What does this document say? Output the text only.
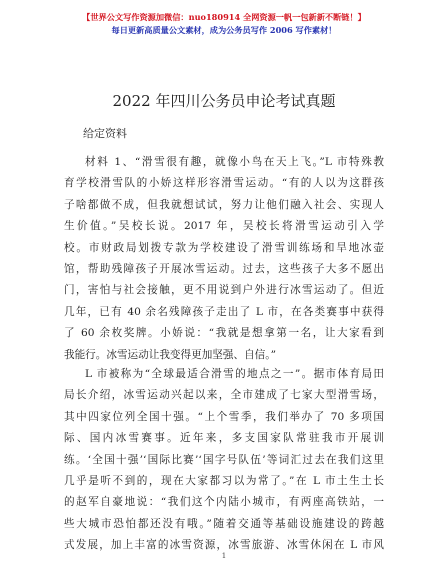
【世界公文写作资源加微信：nuo180914 全网资源一帆一包新新不断链！】
每日更新高质量公文素材，成为公务员写作 2006 写作素材！
2022 年四川公务员申论考试真题
给定资料
材料 1、“滑雪很有趣，就像小鸟在天上飞。”L 市特殊教
育学校滑雪队的小娇这样形容滑雪运动。“有的人以为这群孩
子啥都做不成，但我就想试试，努力让他们融入社会、实现人
生价值。”吴校长说。2017 年，吴校长将滑雪运动引入学
校。市财政局划拨专款为学校建设了滑雪训练场和旱地冰壶
馆，帮助残障孩子开展冰雪运动。过去，这些孩子大多不愿出
门，害怕与社会接触，更不用说到户外进行冰雪运动了。但近
几年，已有 40 余名残障孩子走出了 L 市，在各类赛事中获得
了 60 余枚奖牌。小娇说：“我就是想拿第一名，让大家看到
我能行。冰雪运动让我变得更加坚强、自信。”
L 市被称为“全球最适合滑雪的地点之一”。据市体育局田
局长介绍，冰雪运动兴起以来，全市建成了七家大型滑雪场，
其中四家位列全国十强。“上个雪季，我们举办了 70 多项国
际、国内冰雪赛事。近年来，多支国家队常驻我市开展训
练。‘全国十强’‘国际比赛’‘国字号队伍’等词汇过去在我们这里
几乎是听不到的，现在大家都习以为常了。”在 L 市土生土长
的赵军自豪地说：“我们这个内陆小城市，有两座高铁站，一
些大城市恐怕都还没有哦。”随着交通等基础设施建设的跨越
式发展，加上丰富的冰雪资源，冰雪旅游、冰雪休闲在 L 市风
1
